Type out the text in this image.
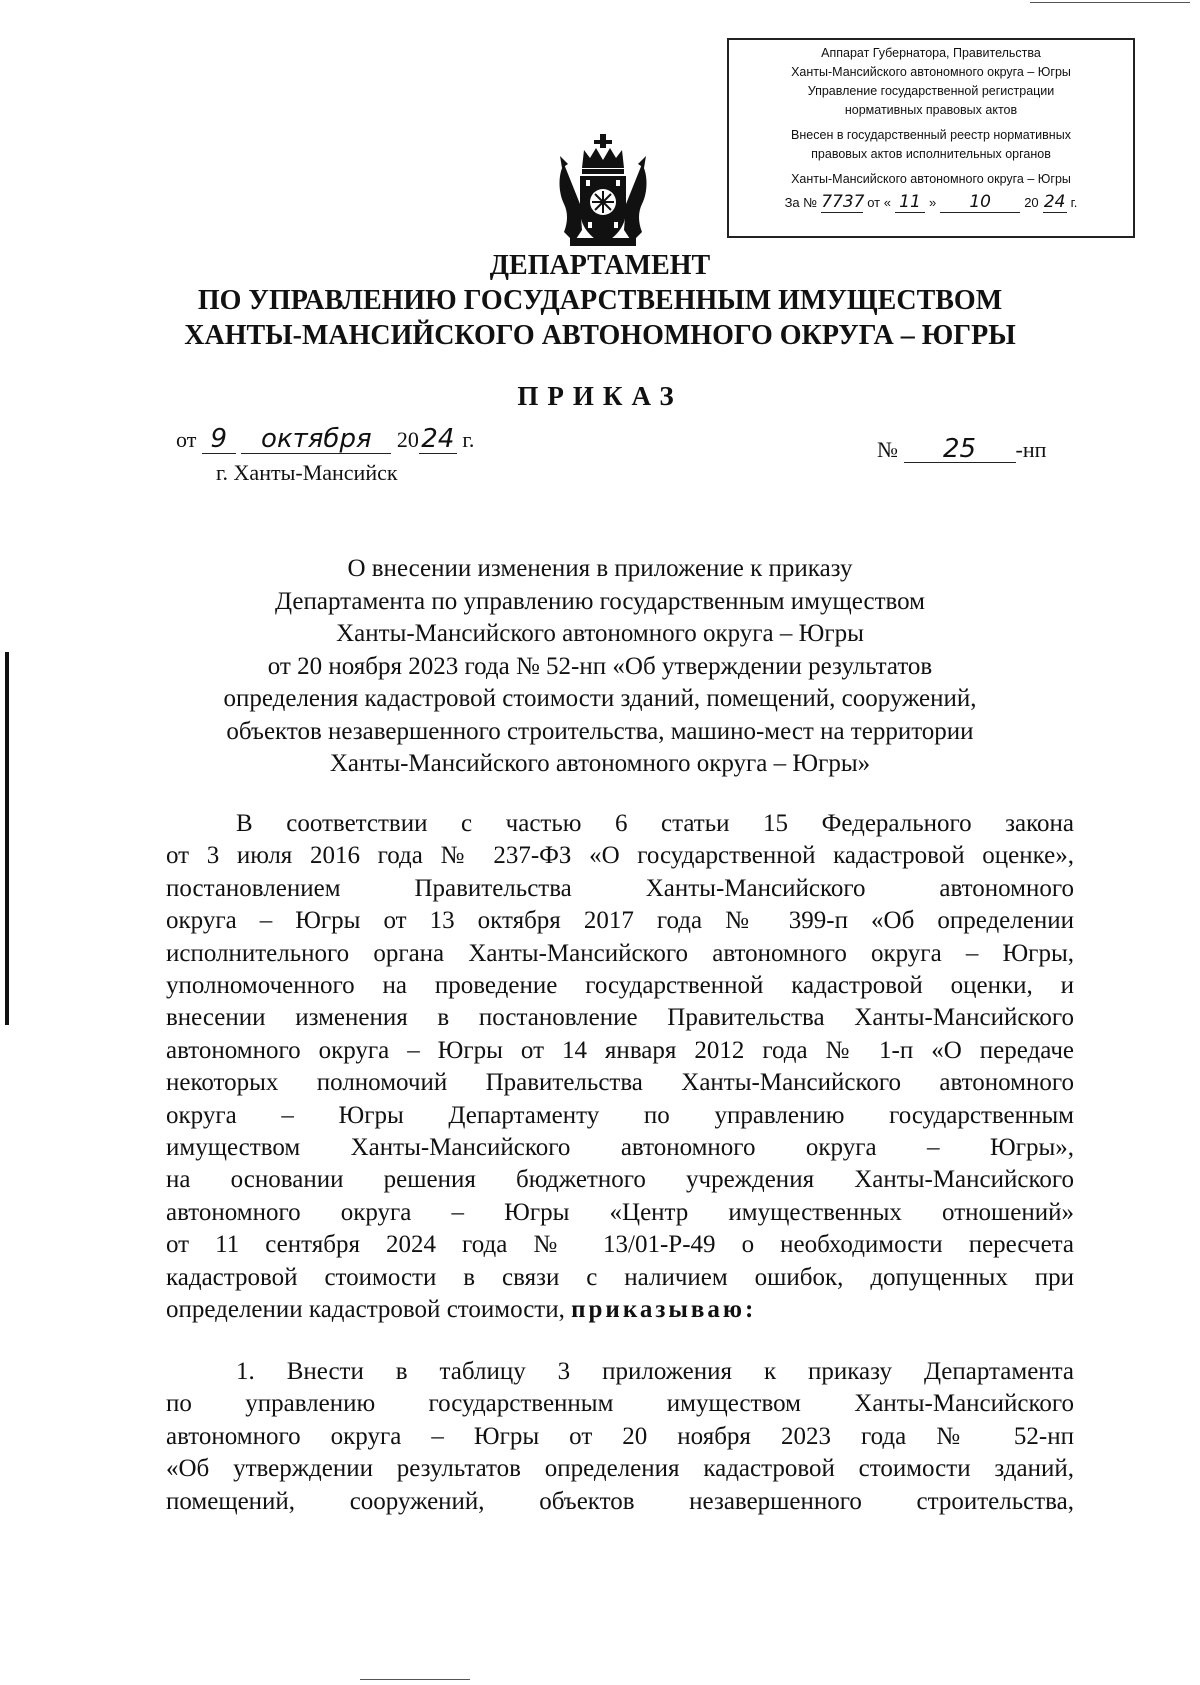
Аппарат Губернатора, Правительства
Ханты-Мансийского автономного округа – Югры
Управление государственной регистрации
нормативных правовых актов
Внесен в государственный реестр нормативных
правовых актов исполнительных органов
Ханты-Мансийского автономного округа – Югры
За № 7737 от « 11 »	10	20 24 г.
ДЕПАРТАМЕНТ
ПО УПРАВЛЕНИЮ ГОСУДАРСТВЕННЫМ ИМУЩЕСТВОМ
ХАНТЫ-МАНСИЙСКОГО АВТОНОМНОГО ОКРУГА – ЮГРЫ
ПРИКАЗ
от 9 октября 2024 г.
г. Ханты-Мансийск
№ 25 -нп
О внесении изменения в приложение к приказу
Департамента по управлению государственным имуществом
Ханты-Мансийского автономного округа – Югры
от 20 ноября 2023 года № 52-нп «Об утверждении результатов
определения кадастровой стоимости зданий, помещений, сооружений,
объектов незавершенного строительства, машино-мест на территории
Ханты-Мансийского автономного округа – Югры»
В соответствии с частью 6 статьи 15 Федерального закона
от 3 июля 2016 года № 237-ФЗ «О государственной кадастровой оценке»,
постановлением Правительства Ханты-Мансийского автономного
округа – Югры от 13 октября 2017 года № 399-п «Об определении
исполнительного органа Ханты-Мансийского автономного округа – Югры,
уполномоченного на проведение государственной кадастровой оценки, и
внесении изменения в постановление Правительства Ханты-Мансийского
автономного округа – Югры от 14 января 2012 года № 1-п «О передаче
некоторых полномочий Правительства Ханты-Мансийского автономного
округа – Югры Департаменту по управлению государственным
имуществом Ханты-Мансийского автономного округа – Югры»,
на основании решения бюджетного учреждения Ханты-Мансийского
автономного округа – Югры «Центр имущественных отношений»
от 11 сентября 2024 года № 13/01-Р-49 о необходимости пересчета
кадастровой стоимости в связи с наличием ошибок, допущенных при
определении кадастровой стоимости, приказываю:
1. Внести в таблицу 3 приложения к приказу Департамента
по управлению государственным имуществом Ханты-Мансийского
автономного округа – Югры от 20 ноября 2023 года № 52-нп
«Об утверждении результатов определения кадастровой стоимости зданий,
помещений, сооружений, объектов незавершенного строительства,
